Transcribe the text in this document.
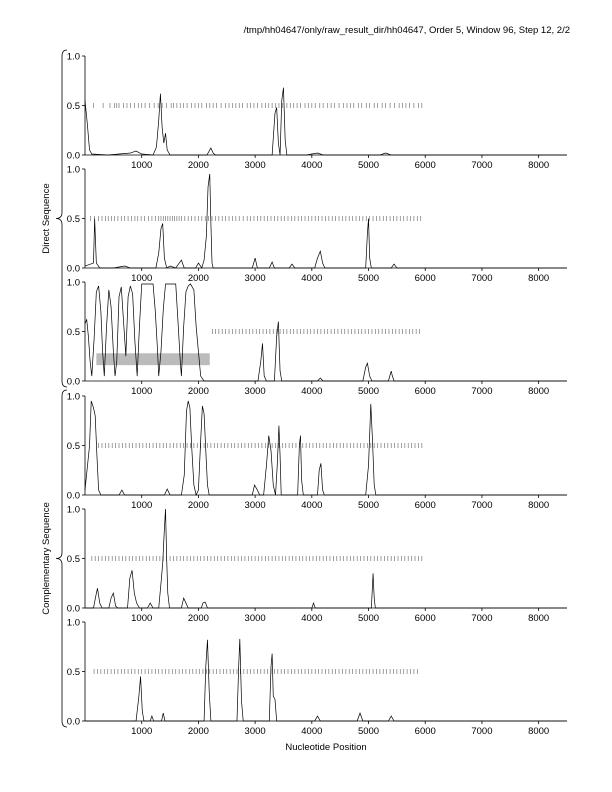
/tmp/hh04647/only/raw_result_dir/hh04647, Order 5, Window 96, Step 12, 2/2
0.0
0.5
1.0
1000	2000	3000	4000	5000	6000	7000	8000
0.0
0.5
1.0
1000	2000	3000	4000	5000	6000	7000	8000
0.0
0.5
1.0
1000	2000	3000	4000	5000	6000	7000	8000
0.0
0.5
1.0
1000	2000	3000	4000	5000	6000	7000	8000
0.0
0.5
1.0
1000	2000	3000	4000	5000	6000	7000	8000
0.0
0.5
1.0
1000	2000	3000	4000	5000	6000	7000	8000
Nucleotide Position
Direct Sequence
Complementary Sequence
